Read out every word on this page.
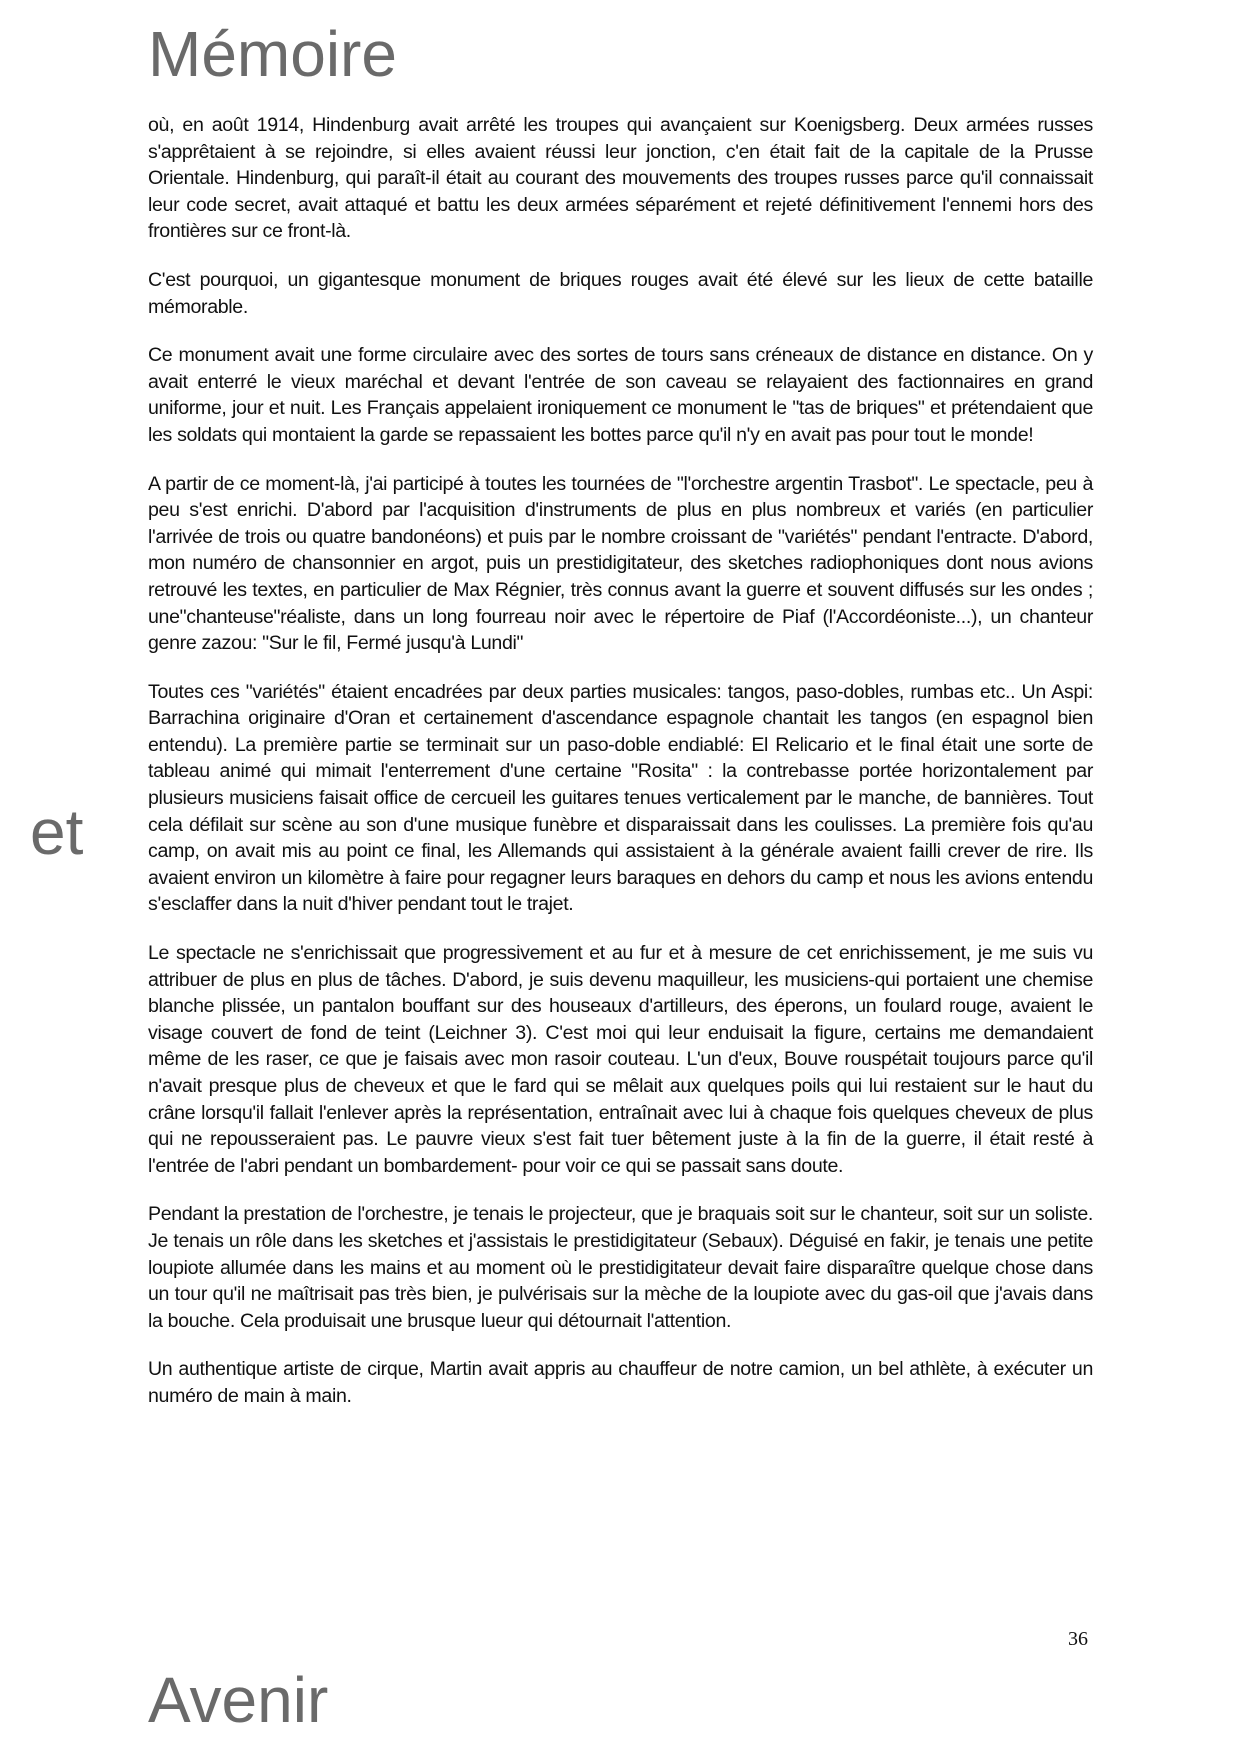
où, en août 1914, Hindenburg avait arrêté les troupes qui avançaient sur Koenigsberg. Deux armées russes s'apprêtaient à se rejoindre, si elles avaient réussi leur jonction, c'en était fait de la capitale de la Prusse Orientale. Hindenburg, qui paraît-il était au courant des mouvements des troupes russes parce qu'il connaissait leur code secret, avait attaqué et battu les deux armées séparément et rejeté définitivement l'ennemi hors des frontières sur ce front-là.

C'est pourquoi, un gigantesque monument de briques rouges avait été élevé sur les lieux de cette bataille mémorable.

Ce monument avait une forme circulaire avec des sortes de tours sans créneaux de distance en distance. On y avait enterré le vieux maréchal et devant l'entrée de son caveau se relayaient des factionnaires en grand uniforme, jour et nuit. Les Français appelaient ironiquement ce monument le "tas de briques" et prétendaient que les soldats qui montaient la garde se repassaient les bottes parce qu'il n'y en avait pas pour tout le monde!

A partir de ce moment-là, j'ai participé à toutes les tournées de "l'orchestre argentin Trasbot". Le spectacle, peu à peu s'est enrichi. D'abord par l'acquisition d'instruments de plus en plus nombreux et variés (en particulier l'arrivée de trois ou quatre bandonéons) et puis par le nombre croissant de "variétés" pendant l'entracte. D'abord, mon numéro de chansonnier en argot, puis un prestidigitateur, des sketches radiophoniques dont nous avions retrouvé les textes, en particulier de Max Régnier, très connus avant la guerre et souvent diffusés sur les ondes ; une"chanteuse"réaliste, dans un long fourreau noir avec le répertoire de Piaf (l'Accordéoniste...), un chanteur genre zazou: "Sur le fil, Fermé jusqu'à Lundi"

Toutes ces "variétés" étaient encadrées par deux parties musicales: tangos, paso-dobles, rumbas etc.. Un Aspi: Barrachina originaire d'Oran et certainement d'ascendance espagnole chantait les tangos (en espagnol bien entendu). La première partie se terminait sur un paso-doble endiablé: El Relicario et le final était une sorte de tableau animé qui mimait l'enterrement d'une certaine "Rosita" : la contrebasse portée horizontalement par plusieurs musiciens faisait office de cercueil les guitares tenues verticalement par le manche, de bannières. Tout cela défilait sur scène au son d'une musique funèbre et disparaissait dans les coulisses. La première fois qu'au camp, on avait mis au point ce final, les Allemands qui assistaient à la générale avaient failli crever de rire. Ils avaient environ un kilomètre à faire pour regagner leurs baraques en dehors du camp et nous les avions entendu s'esclaffer dans la nuit d'hiver pendant tout le trajet.

Le spectacle ne s'enrichissait que progressivement et au fur et à mesure de cet enrichissement, je me suis vu attribuer de plus en plus de tâches. D'abord, je suis devenu maquilleur, les musiciens-qui portaient une chemise blanche plissée, un pantalon bouffant sur des houseaux d'artilleurs, des éperons, un foulard rouge, avaient le visage couvert de fond de teint (Leichner 3). C'est moi qui leur enduisait la figure, certains me demandaient même de les raser, ce que je faisais avec mon rasoir couteau. L'un d'eux, Bouve rouspétait toujours parce qu'il n'avait presque plus de cheveux et que le fard qui se mêlait aux quelques poils qui lui restaient sur le haut du crâne lorsqu'il fallait l'enlever après la représentation, entraînait avec lui à chaque fois quelques cheveux de plus qui ne repousseraient pas. Le pauvre vieux s'est fait tuer bêtement juste à la fin de la guerre, il était resté à l'entrée de l'abri pendant un bombardement- pour voir ce qui se passait sans doute.

Pendant la prestation de l'orchestre, je tenais le projecteur, que je braquais soit sur le chanteur, soit sur un soliste. Je tenais un rôle dans les sketches et j'assistais le prestidigitateur (Sebaux). Déguisé en fakir, je tenais une petite loupiote allumée dans les mains et au moment où le prestidigitateur devait faire disparaître quelque chose dans un tour qu'il ne maîtrisait pas très bien, je pulvérisais sur la mèche de la loupiote avec du gas-oil que j'avais dans la bouche. Cela produisait une brusque lueur qui détournait l'attention.

Un authentique artiste de cirque, Martin avait appris au chauffeur de notre camion, un bel athlète, à exécuter un numéro de main à main.

36
Mémoire
et
Avenir
